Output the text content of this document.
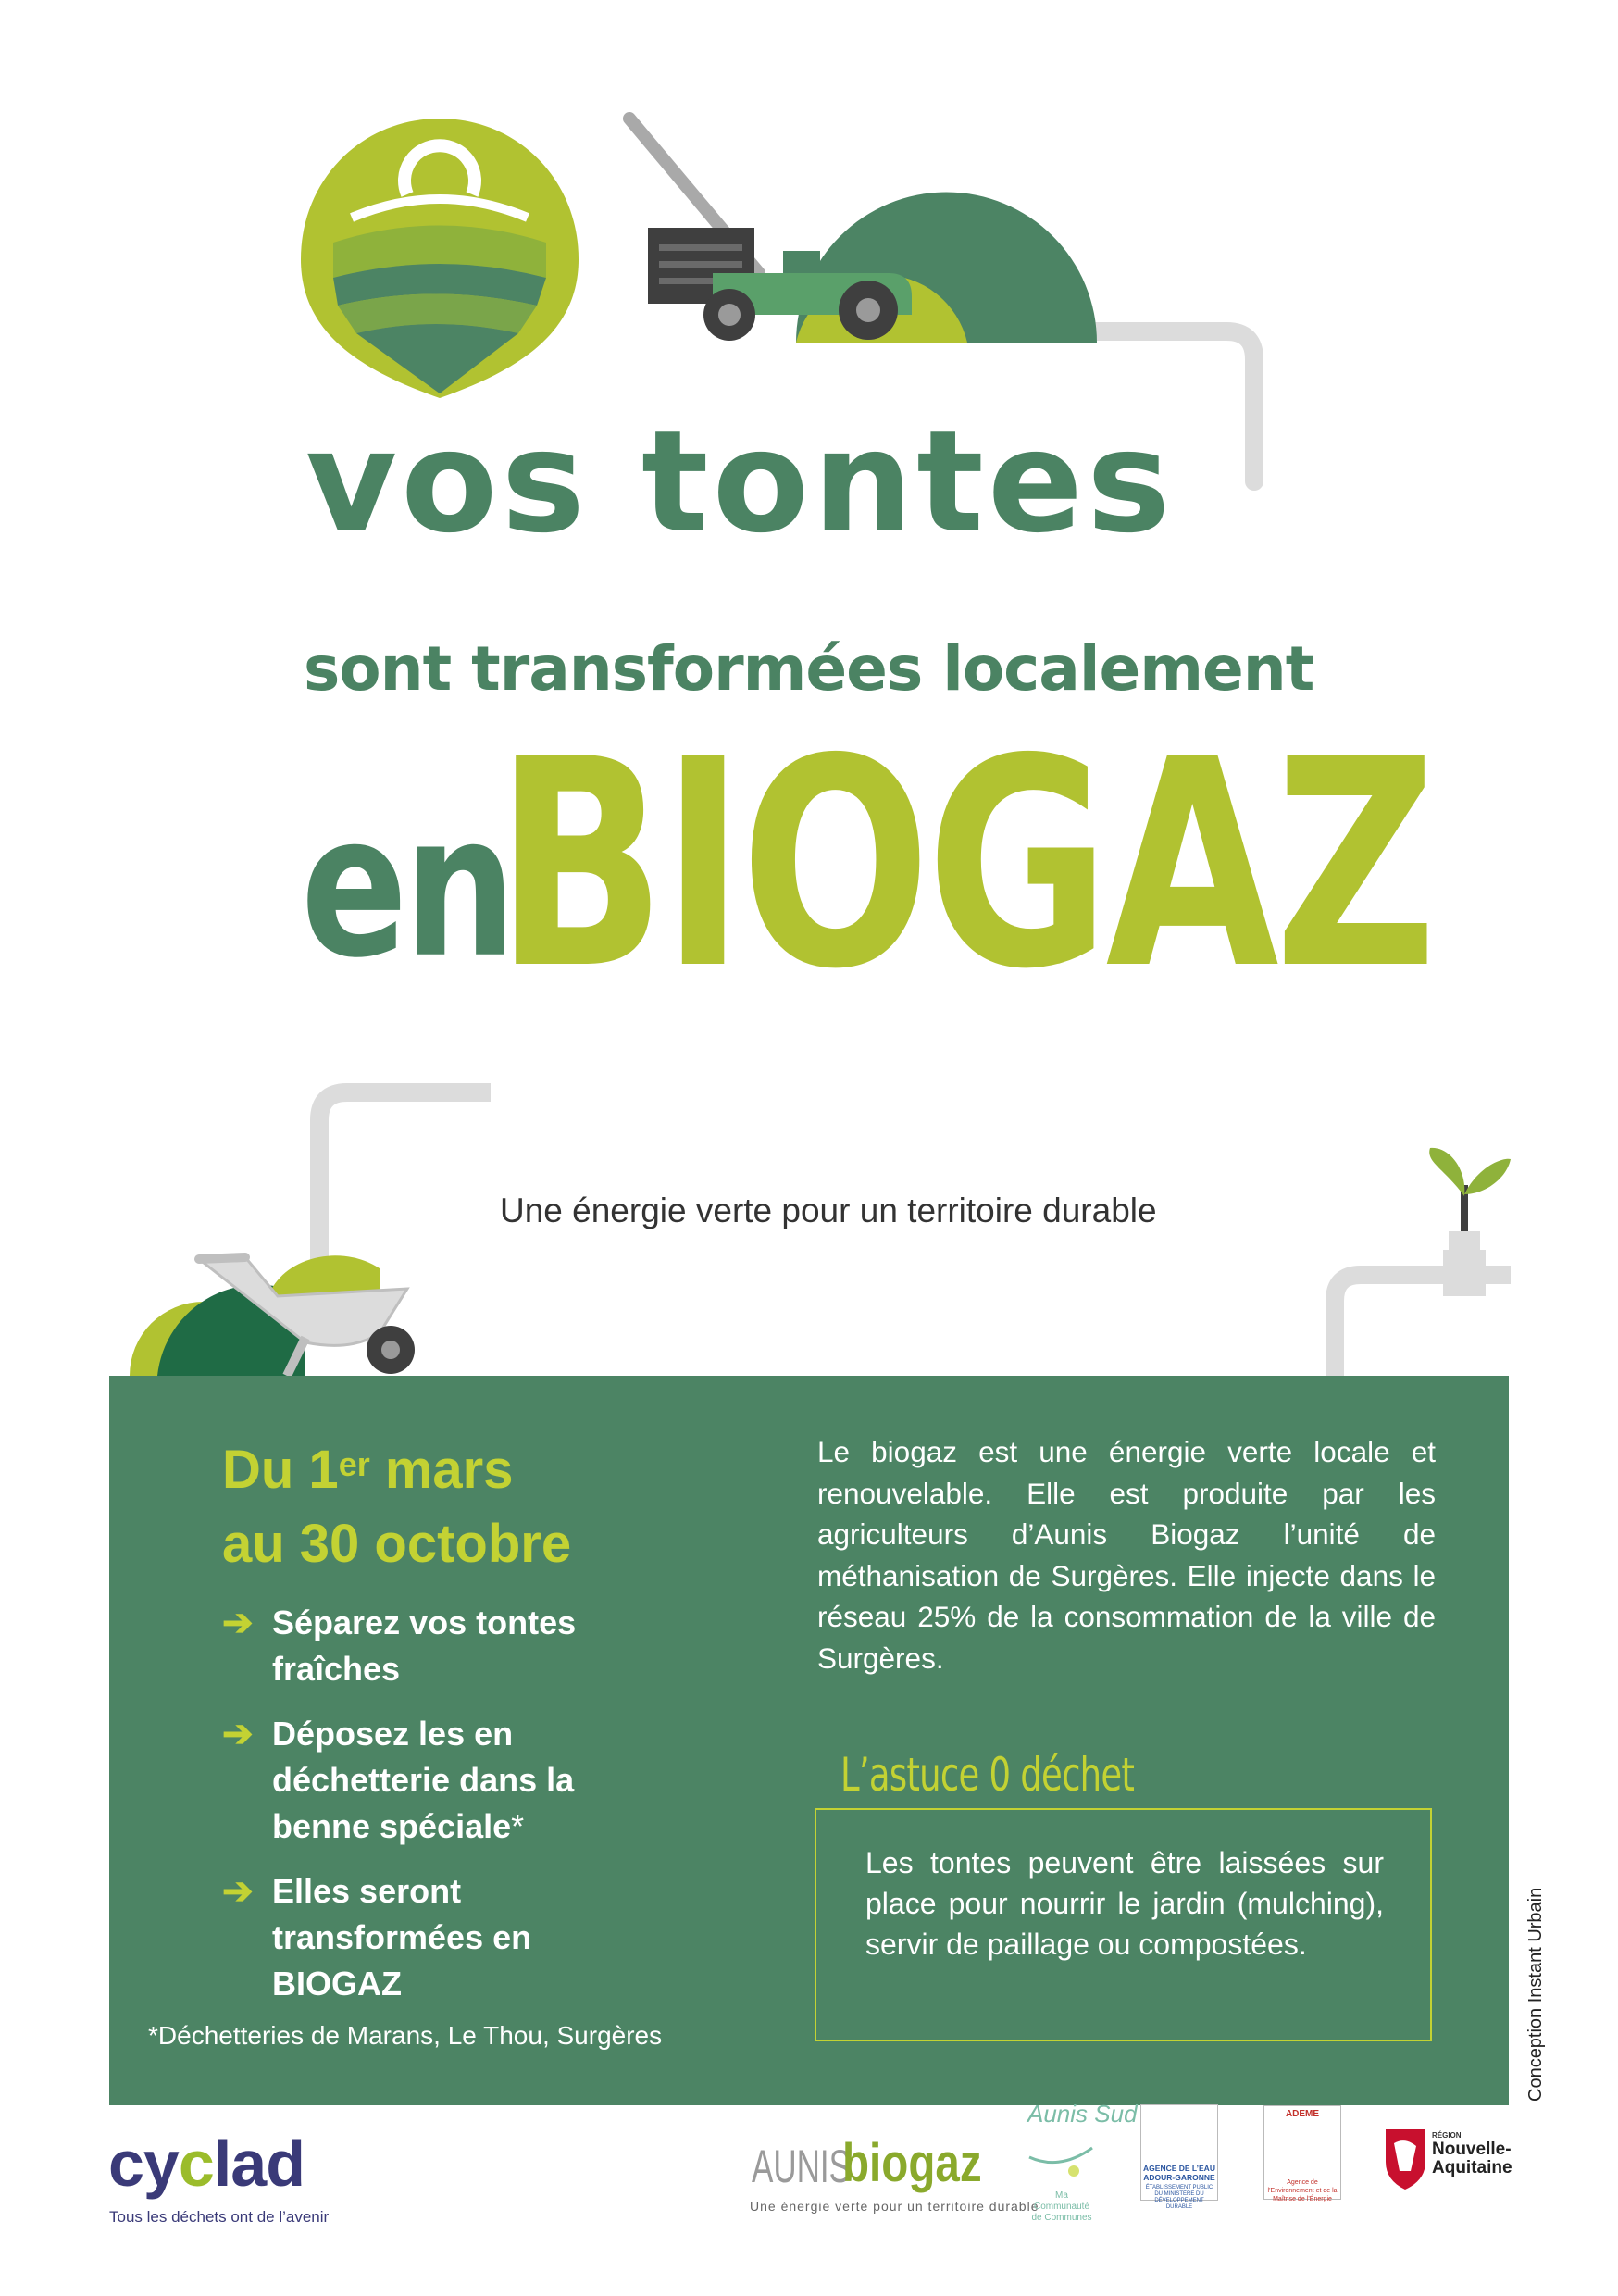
vos tontes
sont transformées localement
en
BIOGAZ
Une énergie verte pour un territoire durable
Du 1er mars
au 30 octobre
➔ Séparez vos tontes fraîches
➔ Déposez les en déchetterie dans la benne spéciale*
➔ Elles seront transformées en BIOGAZ
*Déchetteries de Marans, Le Thou, Surgères
Le biogaz est une énergie verte locale et renouvelable. Elle est produite par les agriculteurs d’Aunis Biogaz l’unité de méthanisation de Surgères. Elle injecte dans le réseau 25% de la consommation de la ville de Surgères.
L’astuce 0 déchet
Les tontes peuvent être laissées sur place pour nourrir le jardin (mulching), servir de paillage ou compostées.	Conception Instant Urbain
cyclad
Tous les déchets ont de l’avenir
AUNIS
biogaz
Une énergie verte pour un territoire durable
Aunis Sud
Ma Communauté de Communes
AGENCE DE L’EAU ADOUR-GARONNE
ÉTABLISSEMENT PUBLIC DU MINISTÈRE DU DÉVELOPPEMENT DURABLE
ADEME
Agence de l’Environnement et de la Maîtrise de l’Énergie
RÉGION
Nouvelle-Aquitaine
